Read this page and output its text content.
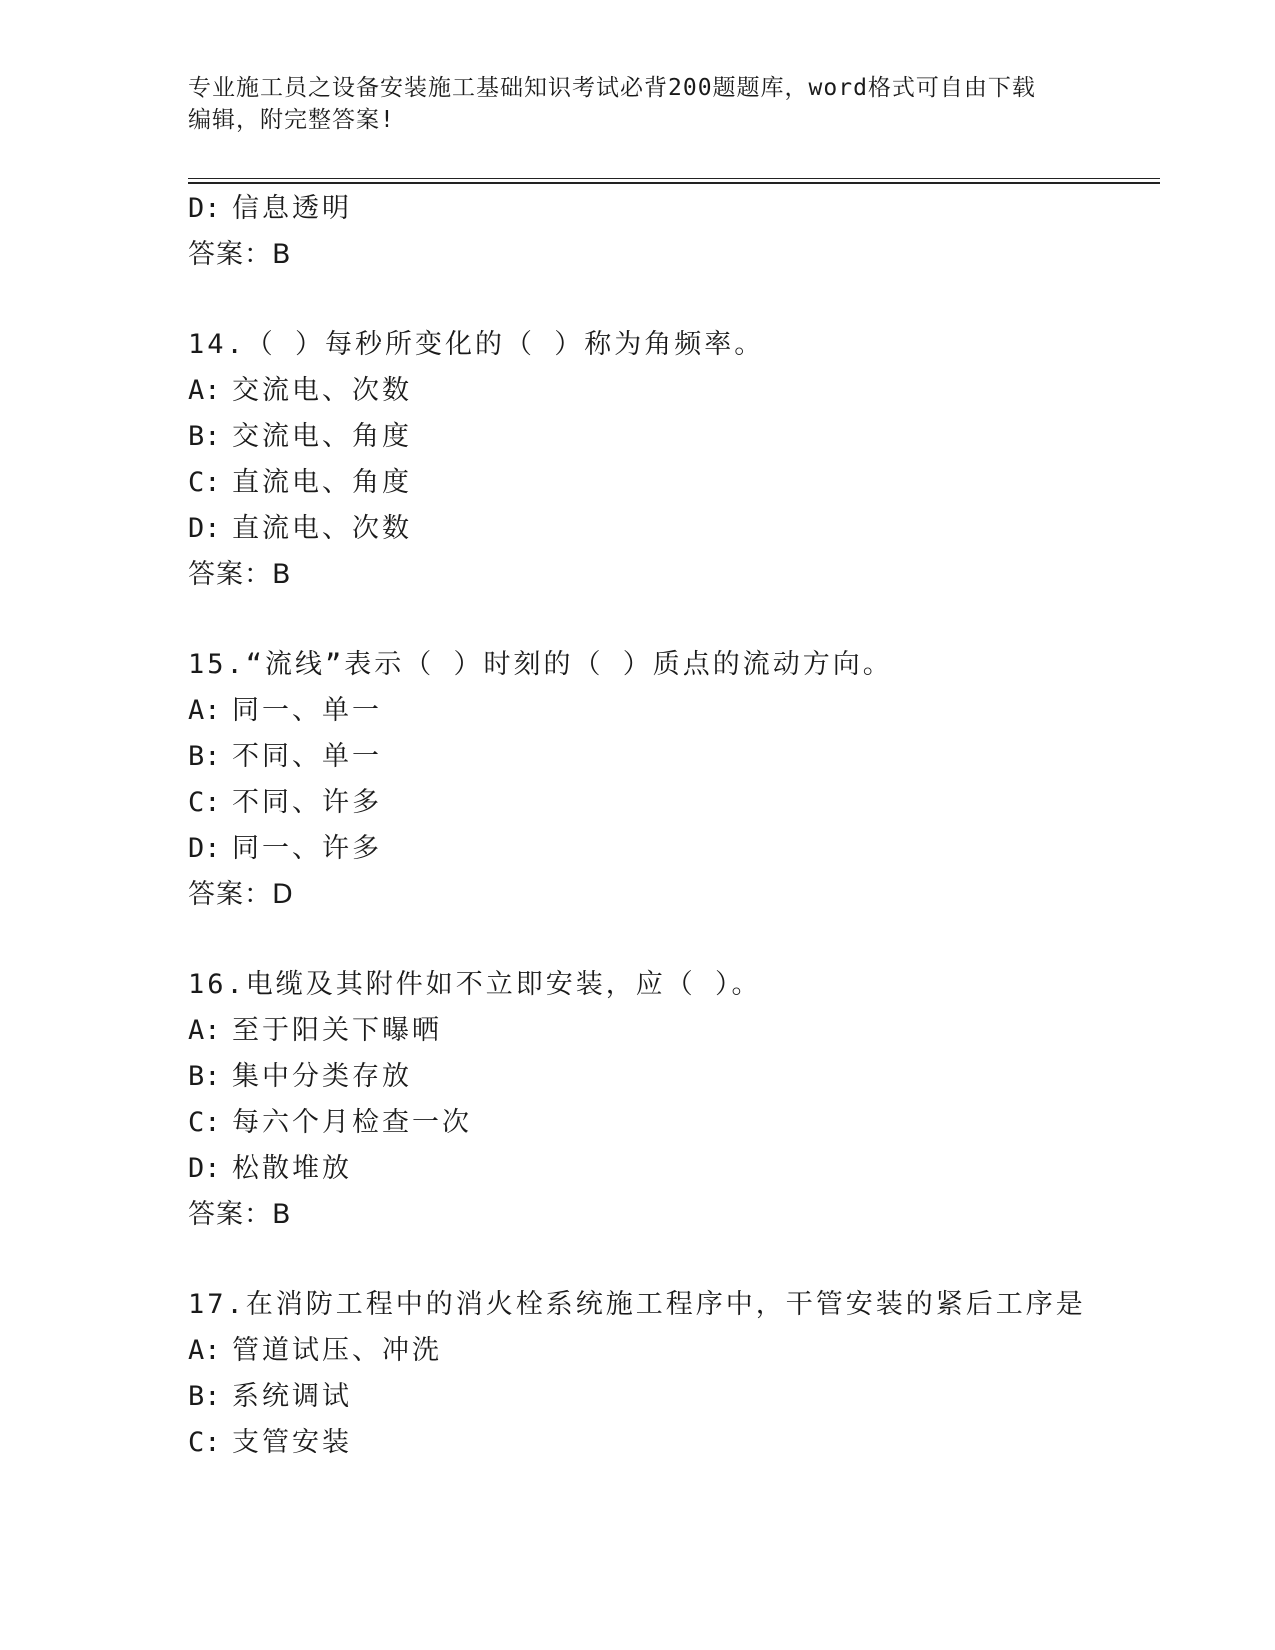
专业施工员之设备安装施工基础知识考试必背200题题库，word格式可自由下载
编辑，附完整答案!
D: 信息透明
答案：B
14.（ ）每秒所变化的（ ）称为角频率。
A: 交流电、次数
B: 交流电、角度
C: 直流电、角度
D: 直流电、次数
答案：B
15.“流线”表示（ ）时刻的（ ）质点的流动方向。
A: 同一、单一
B: 不同、单一
C: 不同、许多
D: 同一、许多
答案：D
16.电缆及其附件如不立即安装，应（ ）。
A: 至于阳关下曝晒
B: 集中分类存放
C: 每六个月检查一次
D: 松散堆放
答案：B
17.在消防工程中的消火栓系统施工程序中，干管安装的紧后工序是
A: 管道试压、冲洗
B: 系统调试
C: 支管安装
